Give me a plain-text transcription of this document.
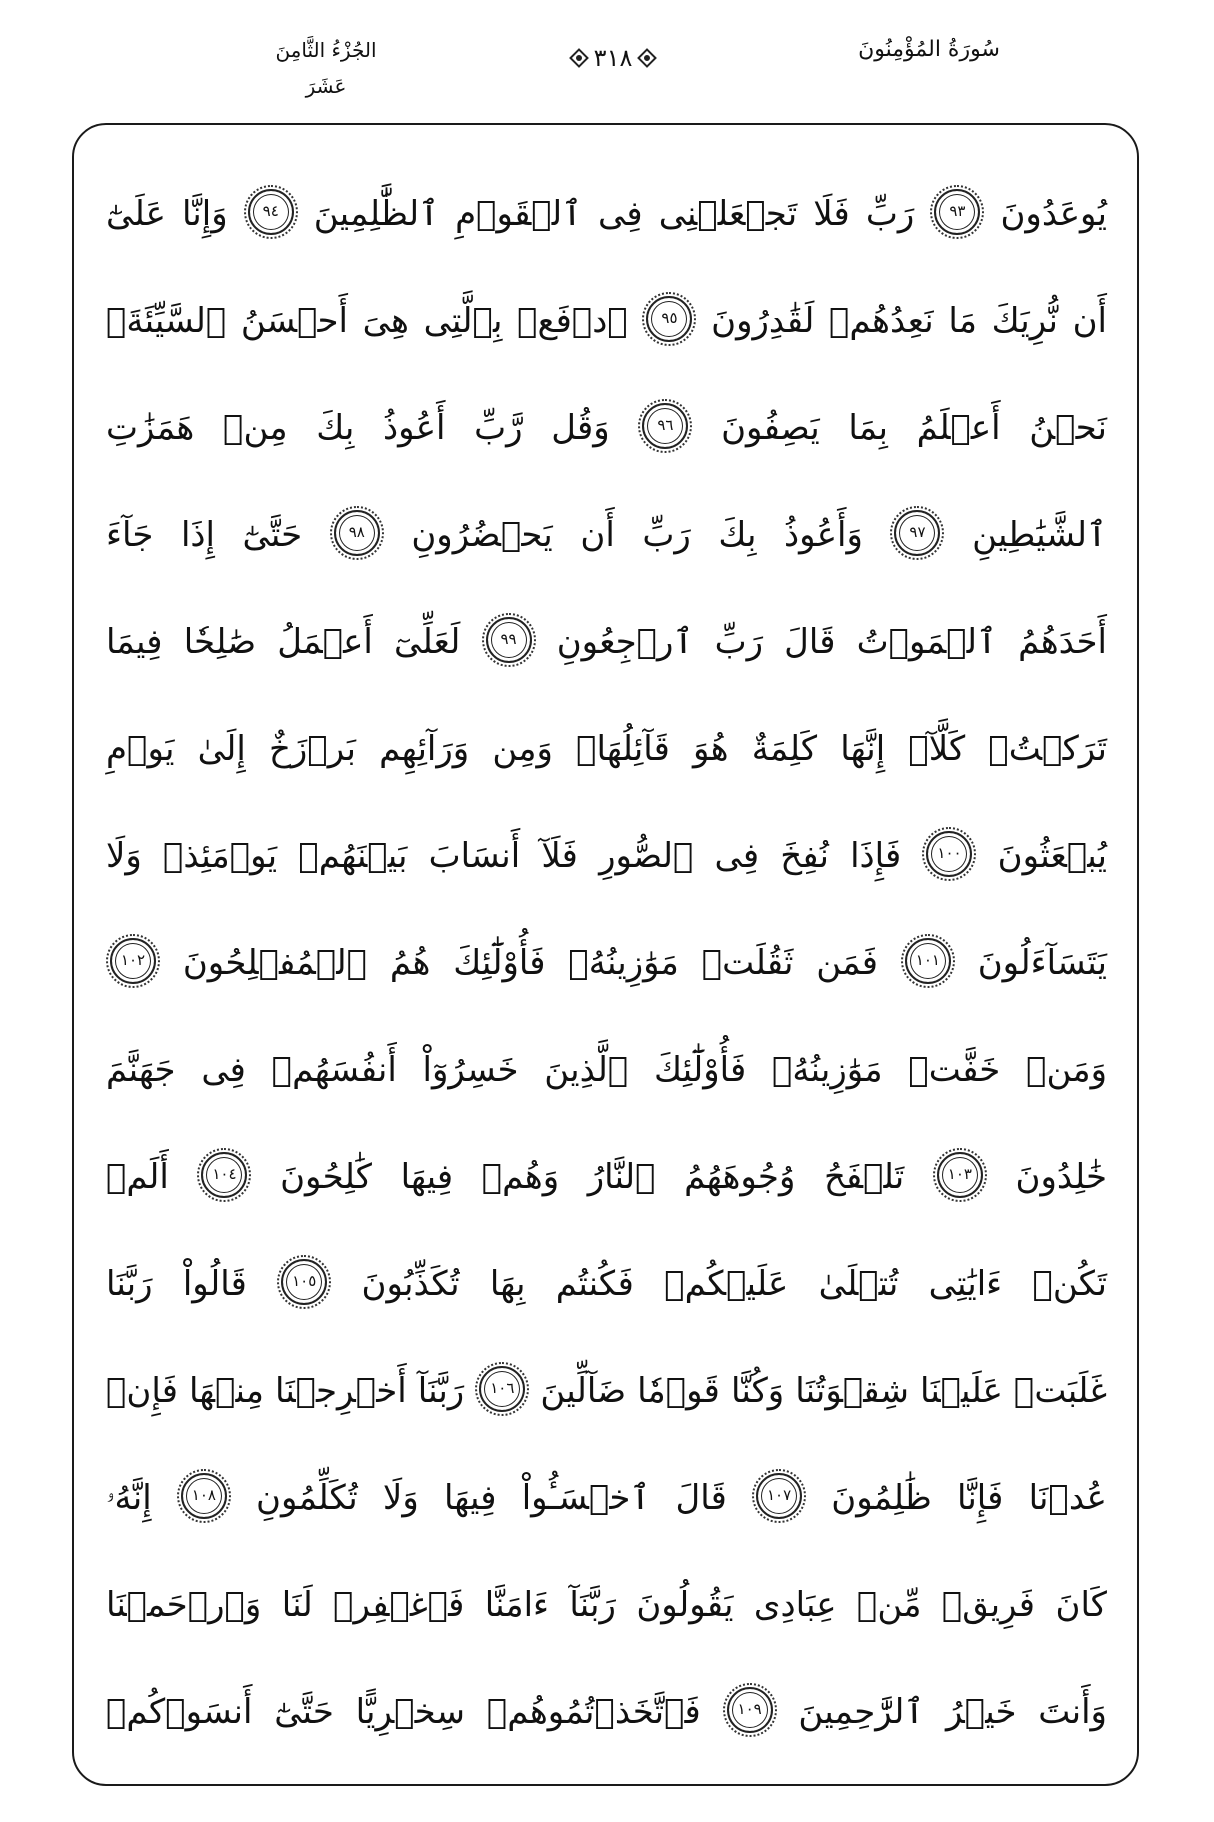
سُورَةُ المُؤْمِنُونَ
٣١٨
الجُزْءُ الثَّامِنَ عَشَرَ
يُوعَدُونَ
٩٣
رَبِّ فَلَا تَجۡعَلۡنِى فِى ٱلۡقَوۡمِ ٱلظَّٰلِمِينَ
٩٤
وَإِنَّا عَلَىٰٓ
أَن نُّرِيَكَ مَا نَعِدُهُمۡ لَقَٰدِرُونَ
٩٥
ٱدۡفَعۡ بِٱلَّتِى هِىَ أَحۡسَنُ ٱلسَّيِّئَةَۚ
نَحۡنُ أَعۡلَمُ بِمَا يَصِفُونَ
٩٦
وَقُل رَّبِّ أَعُوذُ بِكَ مِنۡ هَمَزَٰتِ
ٱلشَّيَٰطِينِ
٩٧
وَأَعُوذُ بِكَ رَبِّ أَن يَحۡضُرُونِ
٩٨
حَتَّىٰٓ إِذَا جَآءَ
أَحَدَهُمُ ٱلۡمَوۡتُ قَالَ رَبِّ ٱرۡجِعُونِ
٩٩
لَعَلِّىٓ أَعۡمَلُ صَٰلِحٗا فِيمَا
تَرَكۡتُۚ كَلَّآۚ إِنَّهَا كَلِمَةٌ هُوَ قَآئِلُهَاۖ وَمِن وَرَآئِهِم بَرۡزَخٌ إِلَىٰ يَوۡمِ
يُبۡعَثُونَ
١٠٠
فَإِذَا نُفِخَ فِى ٱلصُّورِ فَلَآ أَنسَابَ بَيۡنَهُمۡ يَوۡمَئِذٖ وَلَا
يَتَسَآءَلُونَ
١٠١
فَمَن ثَقُلَتۡ مَوَٰزِينُهُۥ فَأُوْلَٰٓئِكَ هُمُ ٱلۡمُفۡلِحُونَ
١٠٢
وَمَنۡ خَفَّتۡ مَوَٰزِينُهُۥ فَأُوْلَٰٓئِكَ ٱلَّذِينَ خَسِرُوٓاْ أَنفُسَهُمۡ فِى جَهَنَّمَ
خَٰلِدُونَ
١٠٣
تَلۡفَحُ وُجُوهَهُمُ ٱلنَّارُ وَهُمۡ فِيهَا كَٰلِحُونَ
١٠٤
أَلَمۡ
تَكُنۡ ءَايَٰتِى تُتۡلَىٰ عَلَيۡكُمۡ فَكُنتُم بِهَا تُكَذِّبُونَ
١٠٥
قَالُواْ رَبَّنَا
غَلَبَتۡ عَلَيۡنَا شِقۡوَتُنَا وَكُنَّا قَوۡمٗا ضَآلِّينَ
١٠٦
رَبَّنَآ أَخۡرِجۡنَا مِنۡهَا فَإِنۡ
عُدۡنَا فَإِنَّا ظَٰلِمُونَ
١٠٧
قَالَ ٱخۡسَـُٔواْ فِيهَا وَلَا تُكَلِّمُونِ
١٠٨
إِنَّهُۥ
كَانَ فَرِيقٞ مِّنۡ عِبَادِى يَقُولُونَ رَبَّنَآ ءَامَنَّا فَٱغۡفِرۡ لَنَا وَٱرۡحَمۡنَا
وَأَنتَ خَيۡرُ ٱلرَّٰحِمِينَ
١٠٩
فَٱتَّخَذۡتُمُوهُمۡ سِخۡرِيًّا حَتَّىٰٓ أَنسَوۡكُمۡ
